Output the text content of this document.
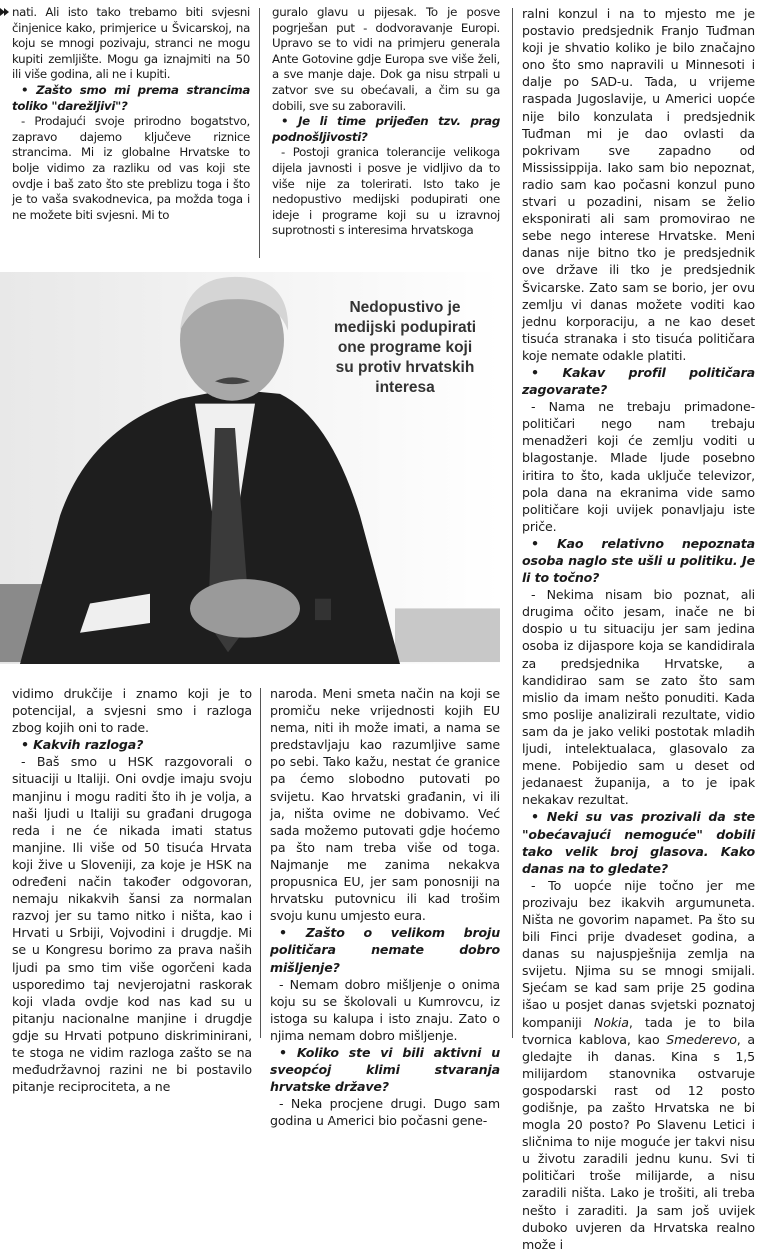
nati. Ali isto tako trebamo biti svjesni činjenice kako, primjerice u Švicarskoj, na koju se mnogi pozivaju, stranci ne mogu kupiti zemljište. Mogu ga iznajmiti na 50 ili više godina, ali ne i kupiti.

• Zašto smo mi prema strancima toliko "darežljivi"?

- Prodajući svoje prirodno bogatstvo, zapravo dajemo ključeve riznice strancima. Mi iz globalne Hrvatske to bolje vidimo za razliku od vas koji ste ovdje i baš zato što ste preblizu toga i što je to vaša svakodnevica, pa možda toga i ne možete biti svjesni. Mi to

guralo glavu u pijesak. To je posve pogrješan put - dodvoravanje Europi. Upravo se to vidi na primjeru generala Ante Gotovine gdje Europa sve više želi, a sve manje daje. Dok ga nisu strpali u zatvor sve su obećavali, a čim su ga dobili, sve su zaboravili.

• Je li time prijeđen tzv. prag podnošljivosti?

- Postoji granica tolerancije velikoga dijela javnosti i posve je vidljivo da to više nije za tolerirati. Isto tako je nedopustivo medijski podupirati one ideje i programe koji su u izravnoj suprotnosti s interesima hrvatskoga

ralni konzul i na to mjesto me je postavio predsjednik Franjo Tuđman koji je shvatio koliko je bilo značajno ono što smo napravili u Minnesoti i dalje po SAD-u. Tada, u vrijeme raspada Jugoslavije, u Americi uopće nije bilo konzulata i predsjednik Tuđman mi je dao ovlasti da pokrivam sve zapadno od Mississippija. Iako sam bio nepoznat, radio sam kao počasni konzul puno stvari u pozadini, nisam se želio eksponirati ali sam promovirao ne sebe nego interese Hrvatske. Meni danas nije bitno tko je predsjednik ove države ili tko je predsjednik Švicarske. Zato sam se borio, jer ovu zemlju vi danas možete voditi kao jednu korporaciju, a ne kao deset tisuća stranaka i sto tisuća političara koje nemate odakle platiti.

• Kakav profil političara zagovarate?

- Nama ne trebaju primadone-političari nego nam trebaju menadžeri koji će zemlju voditi u blagostanje. Mlade ljude posebno iritira to što, kada uključe televizor, pola dana na ekranima vide samo političare koji uvijek ponavljaju iste priče.

• Kao relativno nepoznata osoba naglo ste ušli u politiku. Je li to točno?

- Nekima nisam bio poznat, ali drugima očito jesam, inače ne bi dospio u tu situaciju jer sam jedina osoba iz dijaspore koja se kandidirala za predsjednika Hrvatske, a kandidirao sam se zato što sam mislio da imam nešto ponuditi. Kada smo poslije analizirali rezultate, vidio sam da je jako veliki postotak mladih ljudi, intelektualaca, glasovalo za mene. Pobijedio sam u deset od jedanaest županija, a to je ipak nekakav rezultat.

• Neki su vas prozivali da ste "obećavajući nemoguće" dobili tako velik broj glasova. Kako danas na to gledate?

- To uopće nije točno jer me prozivaju bez ikakvih argumuneta. Ništa ne govorim napamet. Pa što su bili Finci prije dvadeset godina, a danas su najuspješnija zemlja na svijetu. Njima su se mnogi smijali. Sjećam se kad sam prije 25 godina išao u posjet danas svjetski poznatoj kompaniji Nokia, tada je to bila tvornica kablova, kao Smederevo, a gledajte ih danas. Kina s 1,5 milijardom stanovnika ostvaruje gospodarski rast od 12 posto godišnje, pa zašto Hrvatska ne bi mogla 20 posto? Po Slavenu Letici i sličnima to nije moguće jer takvi nisu u životu zaradili jednu kunu. Svi ti političari troše milijarde, a nisu zaradili ništa. Lako je trošiti, ali treba nešto i zaraditi. Ja sam još uvijek duboko uvjeren da Hrvatska realno može i

Nedopustivo je medijski podupirati one programe koji su protiv hrvatskih interesa

vidimo drukčije i znamo koji je to potencijal, a svjesni smo i razloga zbog kojih oni to rade.

• Kakvih razloga?

- Baš smo u HSK razgovorali o situaciji u Italiji. Oni ovdje imaju svoju manjinu i mogu raditi što ih je volja, a naši ljudi u Italiji su građani drugoga reda i ne će nikada imati status manjine. Ili više od 50 tisuća Hrvata koji žive u Sloveniji, za koje je HSK na određeni način također odgovoran, nemaju nikakvih šansi za normalan razvoj jer su tamo nitko i ništa, kao i Hrvati u Srbiji, Vojvodini i drugdje. Mi se u Kongresu borimo za prava naših ljudi pa smo tim više ogorčeni kada usporedimo taj nevjerojatni raskorak koji vlada ovdje kod nas kad su u pitanju nacionalne manjine i drugdje gdje su Hrvati potpuno diskriminirani, te stoga ne vidim razloga zašto se na međudržavnoj razini ne bi postavilo pitanje reciprociteta, a ne

naroda. Meni smeta način na koji se promiču neke vrijednosti kojih EU nema, niti ih može imati, a nama se predstavljaju kao razumljive same po sebi. Tako kažu, nestat će granice pa ćemo slobodno putovati po svijetu. Kao hrvatski građanin, vi ili ja, ništa ovime ne dobivamo. Već sada možemo putovati gdje hoćemo pa što nam treba više od toga. Najmanje me zanima nekakva propusnica EU, jer sam ponosniji na hrvatsku putovnicu ili kad trošim svoju kunu umjesto eura.

• Zašto o velikom broju političara nemate dobro mišljenje?

- Nemam dobro mišljenje o onima koju su se školovali u Kumrovcu, iz istoga su kalupa i isto znaju. Zato o njima nemam dobro mišljenje.

• Koliko ste vi bili aktivni u sveopćoj klimi stvaranja hrvatske države?

- Neka procjene drugi. Dugo sam godina u Americi bio počasni gene-
